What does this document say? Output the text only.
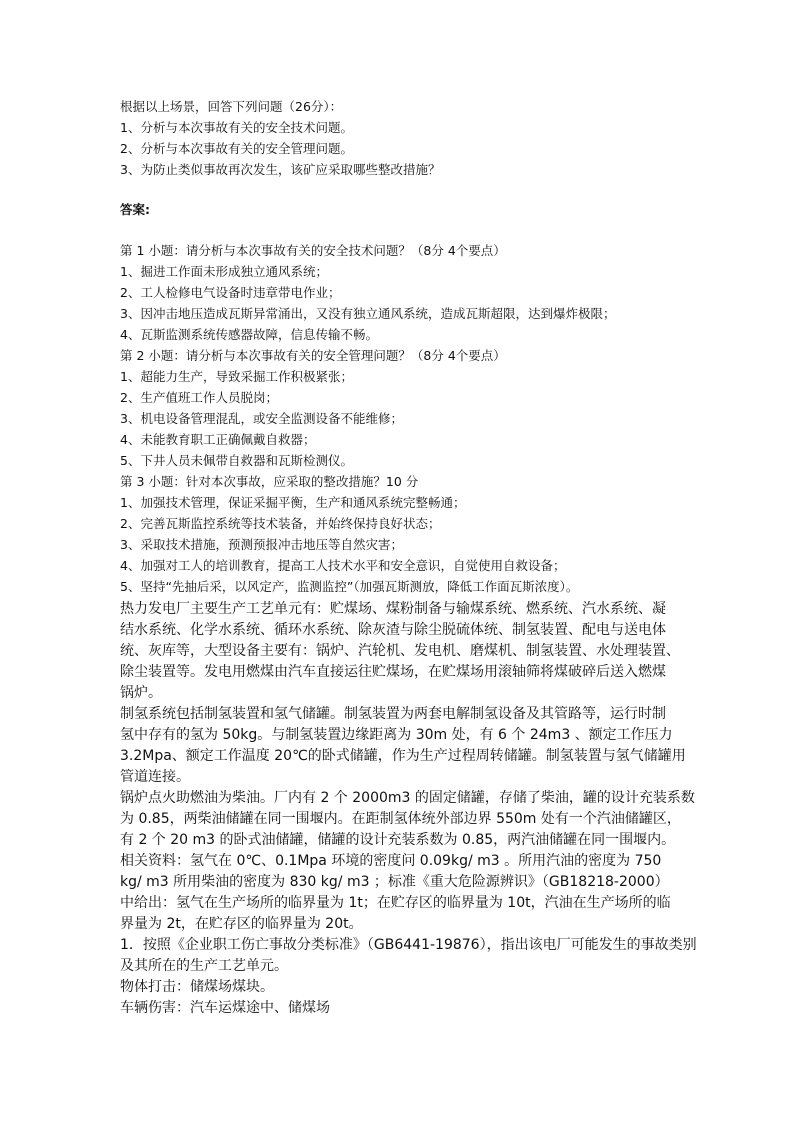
根据以上场景，回答下列问题（26分）：
1、分析与本次事故有关的安全技术问题。
2、分析与本次事故有关的安全管理问题。
3、为防止类似事故再次发生，该矿应采取哪些整改措施？
答案:
第 1 小题：请分析与本次事故有关的安全技术问题？（8分 4个要点）
1、掘进工作面未形成独立通风系统；
2、工人检修电气设备时违章带电作业；
3、因冲击地压造成瓦斯异常涌出，又没有独立通风系统，造成瓦斯超限，达到爆炸极限；
4、瓦斯监测系统传感器故障，信息传输不畅。
第 2 小题：请分析与本次事故有关的安全管理问题？（8分 4个要点）
1、超能力生产，导致采掘工作积极紧张；
2、生产值班工作人员脱岗；
3、机电设备管理混乱，或安全监测设备不能维修；
4、未能教育职工正确佩戴自救器；
5、下井人员未佩带自救器和瓦斯检测仪。
第 3 小题：针对本次事故，应采取的整改措施？10 分
1、加强技术管理，保证采掘平衡，生产和通风系统完整畅通；
2、完善瓦斯监控系统等技术装备，并始终保持良好状态；
3、采取技术措施，预测预报冲击地压等自然灾害；
4、加强对工人的培训教育，提高工人技术水平和安全意识，自觉使用自救设备；
5、坚持“先抽后采，以风定产，监测监控”（加强瓦斯测放，降低工作面瓦斯浓度）。
热力发电厂主要生产工艺单元有：贮煤场、煤粉制备与输煤系统、燃系统、汽水系统、凝
结水系统、化学水系统、循环水系统、除灰渣与除尘脱硫体统、制氢装置、配电与送电体
统、灰库等，大型设备主要有：锅炉、汽轮机、发电机、磨煤机、制氢装置、水处理装置、
除尘装置等。发电用燃煤由汽车直接运往贮煤场，在贮煤场用滚轴筛将煤破碎后送入燃煤
锅炉。
制氢系统包括制氢装置和氢气储罐。制氢装置为两套电解制氢设备及其管路等，运行时制
氢中存有的氢为 50kg。与制氢装置边缘距离为 30m 处，有 6 个 24m3 、额定工作压力
3.2Mpa、额定工作温度 20℃的卧式储罐，作为生产过程周转储罐。制氢装置与氢气储罐用
管道连接。
锅炉点火助燃油为柴油。厂内有 2 个 2000m3 的固定储罐，存储了柴油，罐的设计充装系数
为 0.85，两柴油储罐在同一围堰内。在距制氢体统外部边界 550m 处有一个汽油储罐区，
有 2 个 20 m3 的卧式油储罐，储罐的设计充装系数为 0.85，两汽油储罐在同一围堰内。
相关资料：氢气在 0℃、0.1Mpa 环境的密度问 0.09kg/ m3 。所用汽油的密度为 750
kg/ m3 所用柴油的密度为 830 kg/ m3 ；标准《重大危险源辨识》（GB18218-2000）
中给出：氢气在生产场所的临界量为 1t；在贮存区的临界量为 10t，汽油在生产场所的临
界量为 2t，在贮存区的临界量为 20t。
1．按照《企业职工伤亡事故分类标准》（GB6441-19876），指出该电厂可能发生的事故类别
及其所在的生产工艺单元。
物体打击：储煤场煤块。
车辆伤害：汽车运煤途中、储煤场
